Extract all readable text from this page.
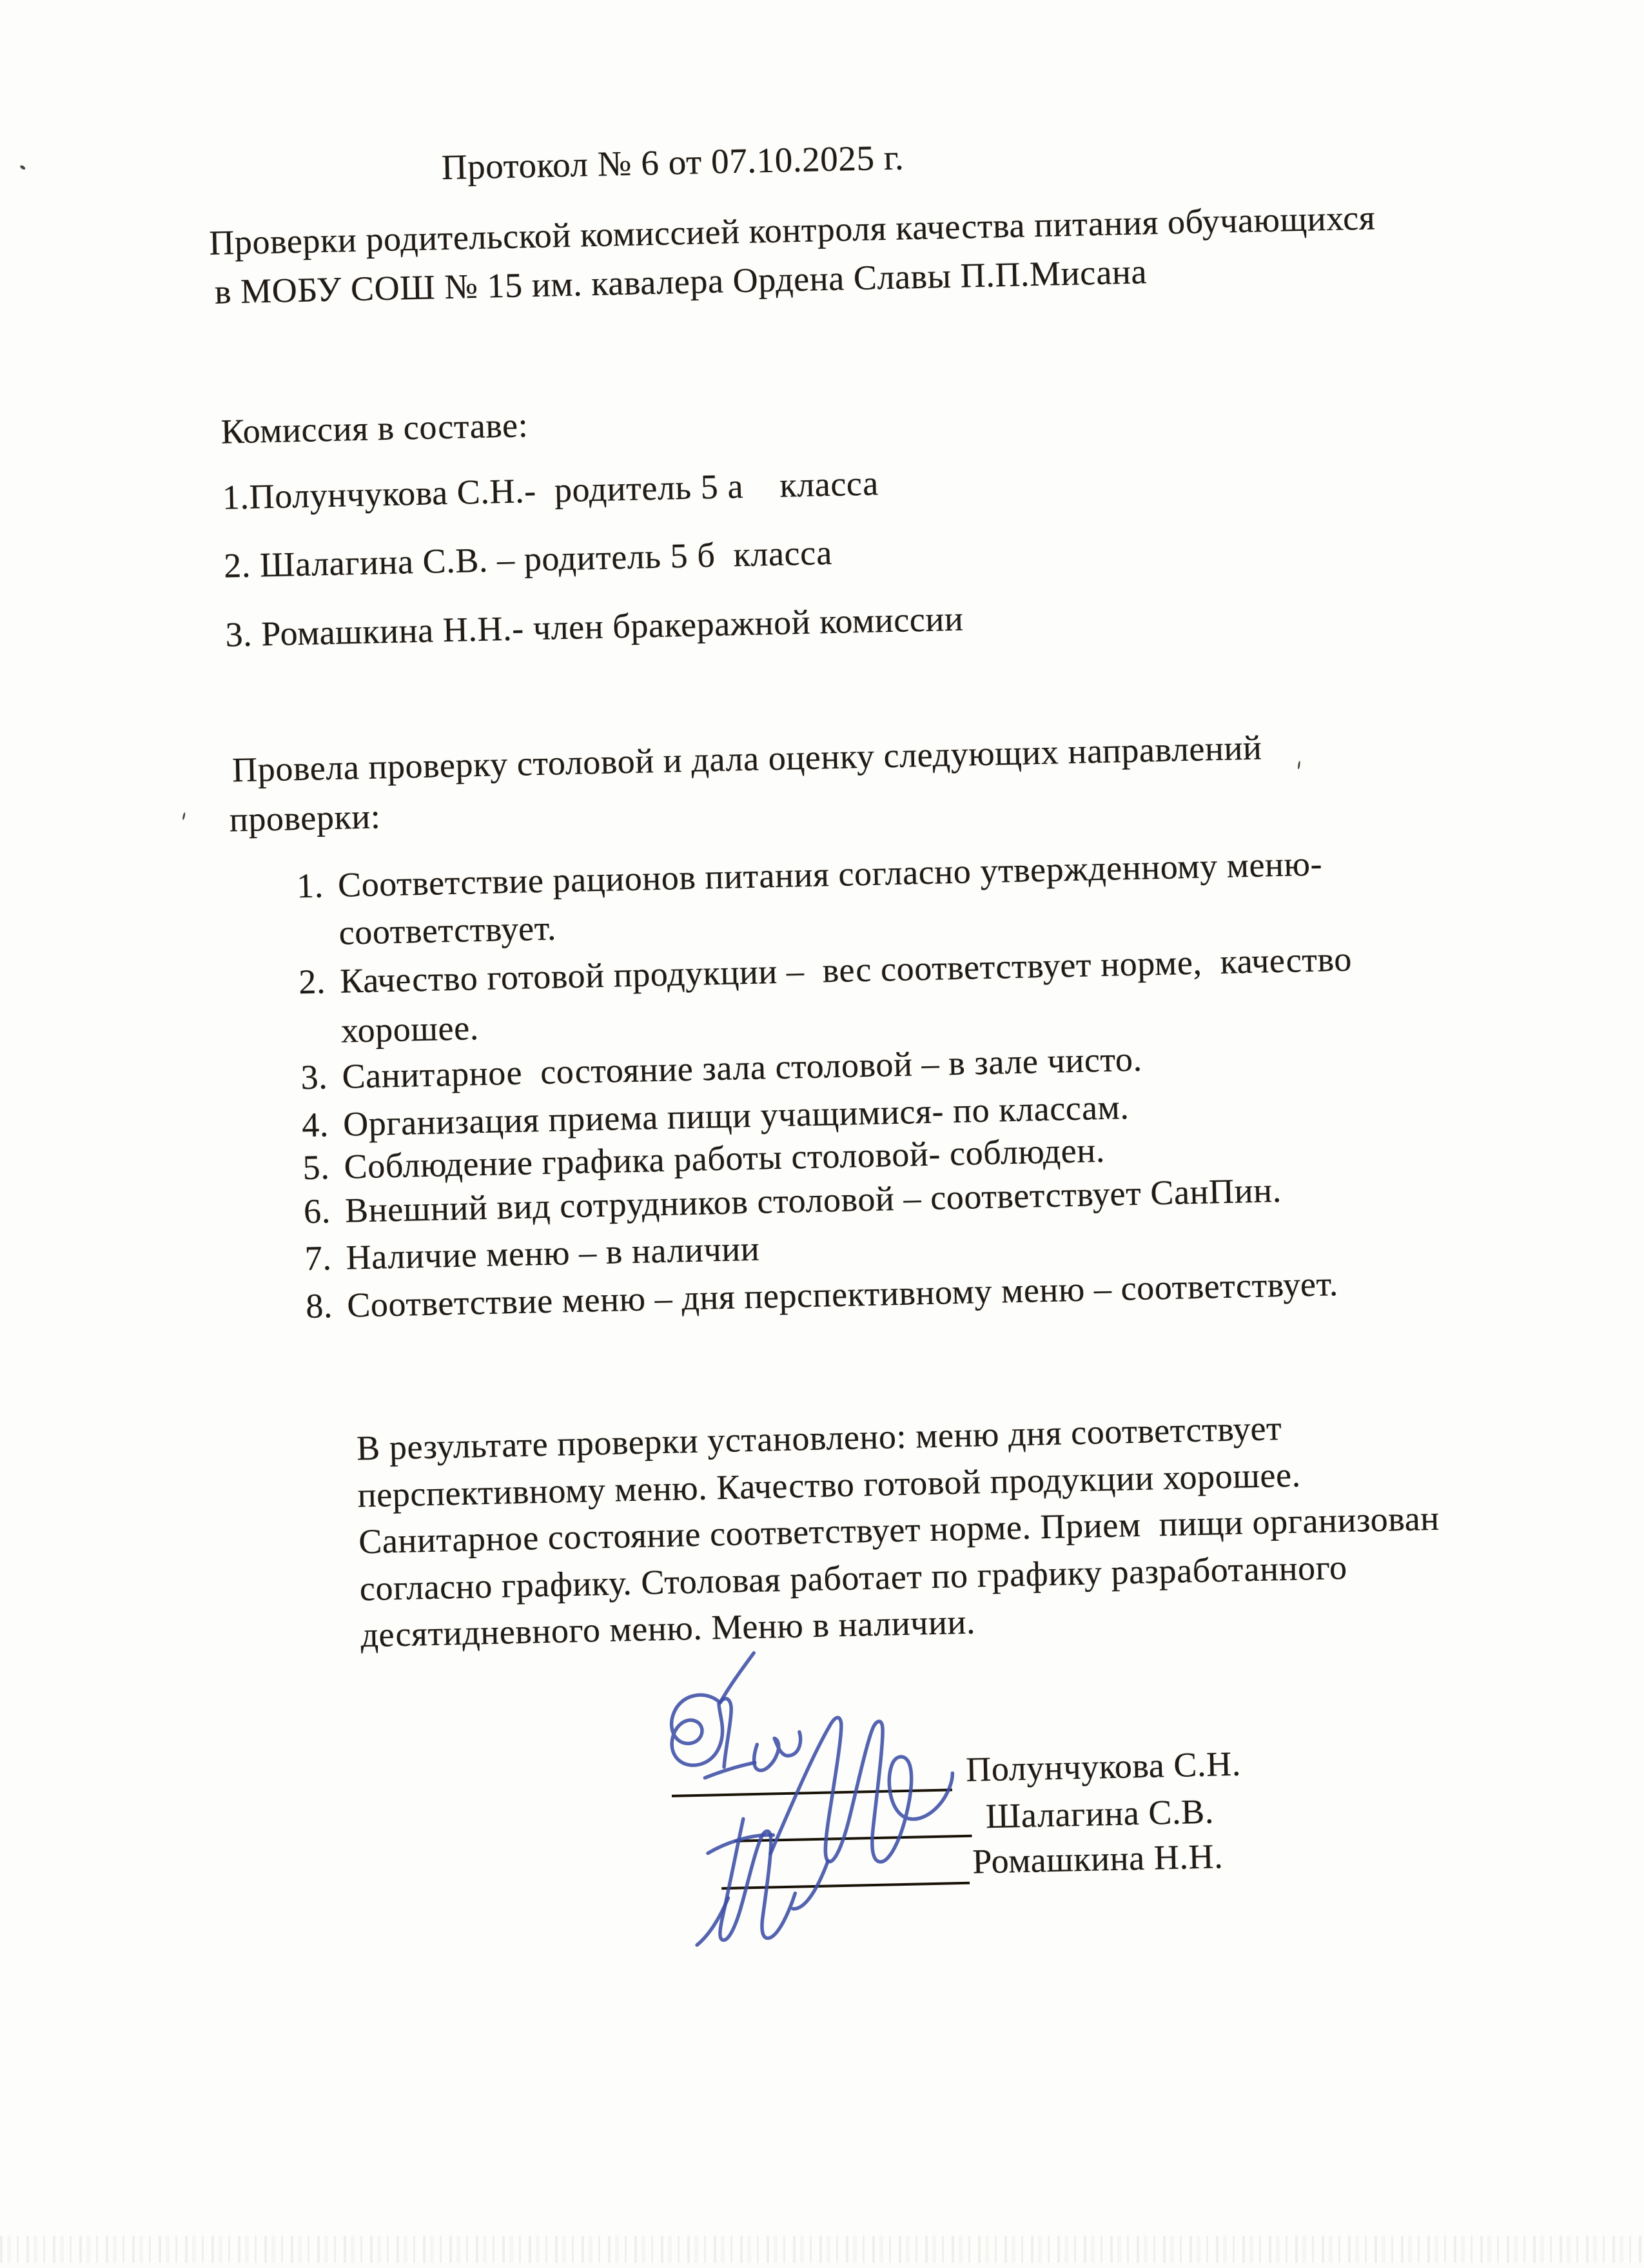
Протокол № 6 от 07.10.2025 г.
Проверки родительской комиссией контроля качества питания обучающихся
в МОБУ СОШ № 15 им. кавалера Ордена Славы П.П.Мисана
Комиссия в составе:
1.Полунчукова С.Н.-  родитель 5 а    класса
2. Шалагина С.В. – родитель 5 б  класса
3. Ромашкина Н.Н.- член бракеражной комиссии
Провела проверку столовой и дала оценку следующих направлений
проверки:
1. Соответствие рационов питания согласно утвержденному меню-
соответствует.
2. Качество готовой продукции –  вес соответствует норме,  качество
хорошее.
3. Санитарное  состояние зала столовой – в зале чисто.
4. Организация приема пищи учащимися- по классам.
5. Соблюдение графика работы столовой- соблюден.
6. Внешний вид сотрудников столовой – соответствует СанПин.
7. Наличие меню – в наличии
8. Соответствие меню – дня перспективному меню – соответствует.
В результате проверки установлено: меню дня соответствует
перспективному меню. Качество готовой продукции хорошее.
Санитарное состояние соответствует норме. Прием  пищи организован
согласно графику. Столовая работает по графику разработанного
десятидневного меню. Меню в наличии.
Полунчукова С.Н.
Шалагина С.В.
Ромашкина Н.Н.
